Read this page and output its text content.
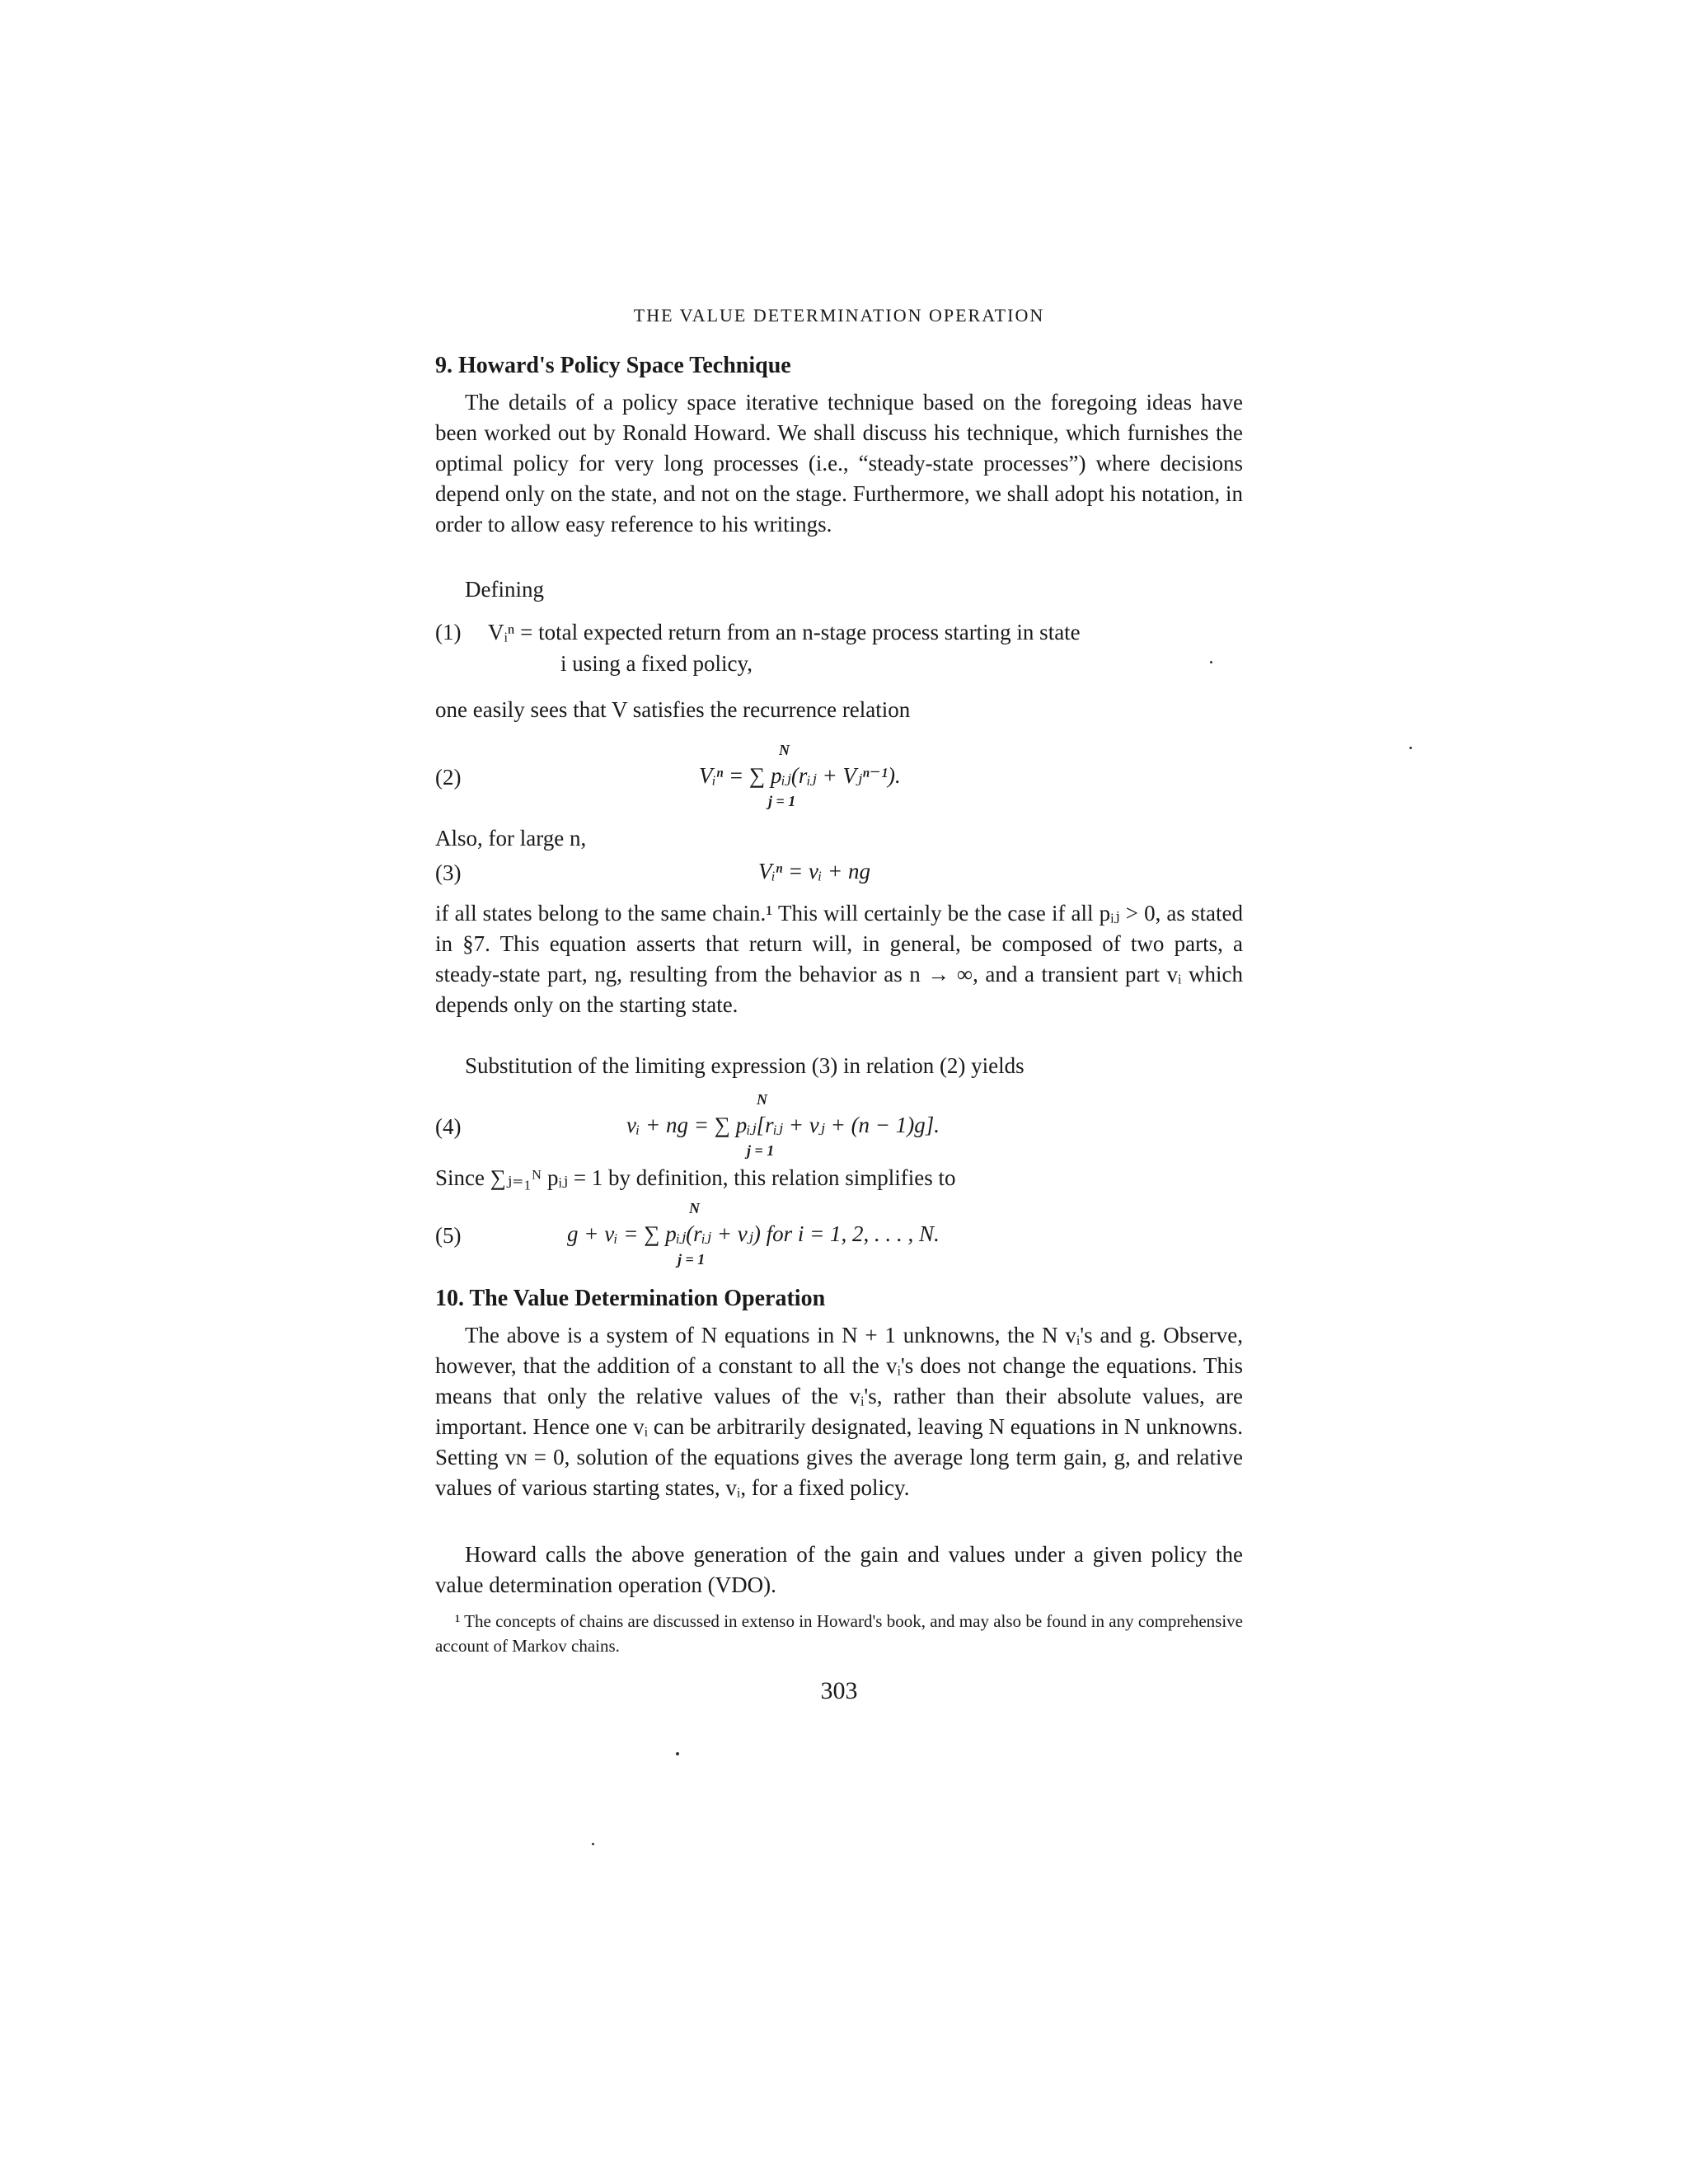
THE VALUE DETERMINATION OPERATION
9. Howard's Policy Space Technique
The details of a policy space iterative technique based on the foregoing ideas have been worked out by Ronald Howard. We shall discuss his technique, which furnishes the optimal policy for very long processes (i.e., “steady-state processes”) where decisions depend only on the state, and not on the stage. Furthermore, we shall adopt his notation, in order to allow easy reference to his writings.
Defining
(1) Vᵢⁿ = total expected return from an n-stage process starting in state
i using a fixed policy,
one easily sees that V satisfies the recurrence relation
(2)
N
Vᵢⁿ = ∑ pᵢⱼ(rᵢⱼ + Vⱼⁿ⁻¹).
j = 1
Also, for large n,
(3)	Vᵢⁿ = vᵢ + ng
if all states belong to the same chain.¹ This will certainly be the case if all pᵢⱼ > 0, as stated in §7. This equation asserts that return will, in general, be composed of two parts, a steady-state part, ng, resulting from the behavior as n → ∞, and a transient part vᵢ which depends only on the starting state.
Substitution of the limiting expression (3) in relation (2) yields
(4)
N
vᵢ + ng = ∑ pᵢⱼ[rᵢⱼ + vⱼ + (n − 1)g].
j = 1
Since ∑ⱼ₌₁ᴺ pᵢⱼ = 1 by definition, this relation simplifies to
(5)
N
g + vᵢ = ∑ pᵢⱼ(rᵢⱼ + vⱼ) for i = 1, 2, . . . , N.
j = 1
10. The Value Determination Operation
The above is a system of N equations in N + 1 unknowns, the N vᵢ's and g. Observe, however, that the addition of a constant to all the vᵢ's does not change the equations. This means that only the relative values of the vᵢ's, rather than their absolute values, are important. Hence one vᵢ can be arbitrarily designated, leaving N equations in N unknowns. Setting vɴ = 0, solution of the equations gives the average long term gain, g, and relative values of various starting states, vᵢ, for a fixed policy.
Howard calls the above generation of the gain and values under a given policy the value determination operation (VDO).
¹ The concepts of chains are discussed in extenso in Howard's book, and may also be found in any comprehensive account of Markov chains.
303
